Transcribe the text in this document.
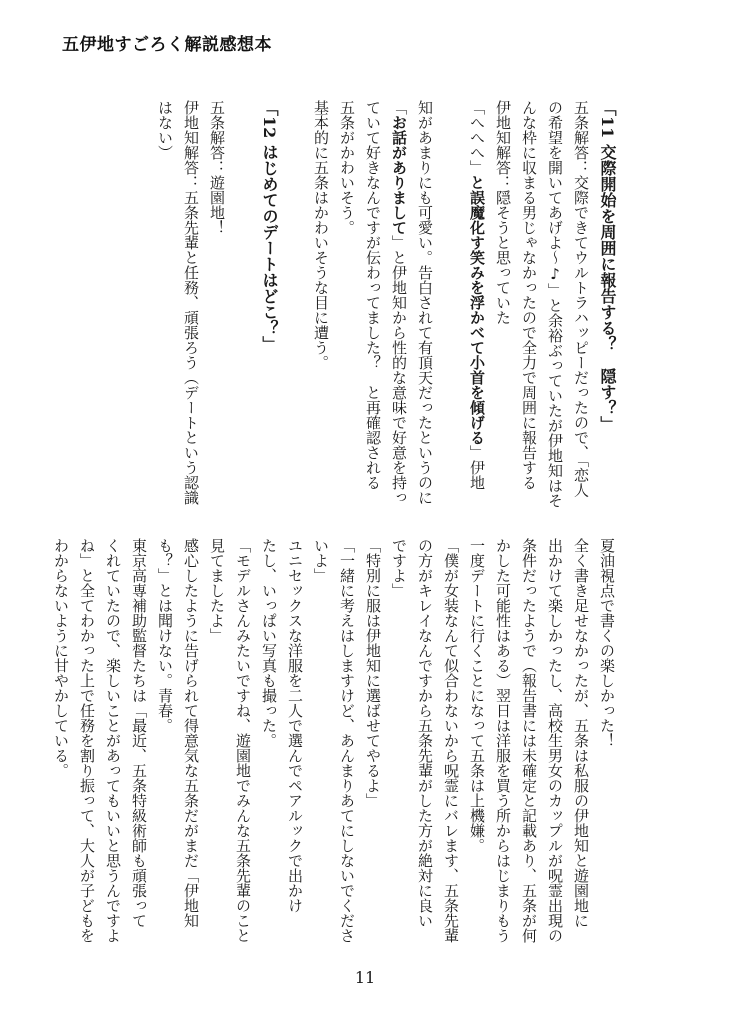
五伊地すごろく解説感想本
「11 交際開始を周囲に報告する？　隠す？」
五条解答：交際できてウルトラハッピーだったので、「恋人
の希望を開いてあげよ〜♪」と余裕ぶっていたが伊地知はそ
んな枠に収まる男じゃなかったので全力で周囲に報告する
伊地知解答：隠そうと思っていた
「へへへ」と誤魔化す笑みを浮かべて小首を傾げる」伊地
知があまりにも可愛い。告白されて有頂天だったというのに
「お話がありまして」と伊地知から性的な意味で好意を持っ
ていて好きなんですが伝わってました？　と再確認される
五条がかわいそう。
基本的に五条はかわいそうな目に遭う。
「12 はじめてのデートはどこ？」
五条解答：遊園地！
伊地知解答：五条先輩と任務、頑張ろう（デートという認識
はない）
夏油視点で書くの楽しかった！
全く書き足せなかったが、五条は私服の伊地知と遊園地に
出かけて楽しかったし、高校生男女のカップルが呪霊出現の
条件だったようで（報告書には未確定と記載あり、五条が何
かした可能性はある）翌日は洋服を買う所からはじまりもう
一度デートに行くことになって五条は上機嫌。
「僕が女装なんて似合わないから呪霊にバレます、五条先輩
の方がキレイなんですから五条先輩がした方が絶対に良い
ですよ」
「特別に服は伊地知に選ばせてやるよ」
「一緒に考えはしますけど、あんまりあてにしないでくださ
いよ」
ユニセックスな洋服を二人で選んでペアルックで出かけ
たし、いっぱい写真も撮った。
「モデルさんみたいですね、遊園地でみんな五条先輩のこと
見てましたよ」
感心したように告げられて得意気な五条だがまだ「伊地知
も？」とは聞けない。青春。
東京高専補助監督たちは「最近、五条特級術師も頑張って
くれていたので、楽しいことがあってもいいと思うんですよ
ね」と全てわかった上で任務を割り振って、大人が子どもを
わからないように甘やかしている。
11
